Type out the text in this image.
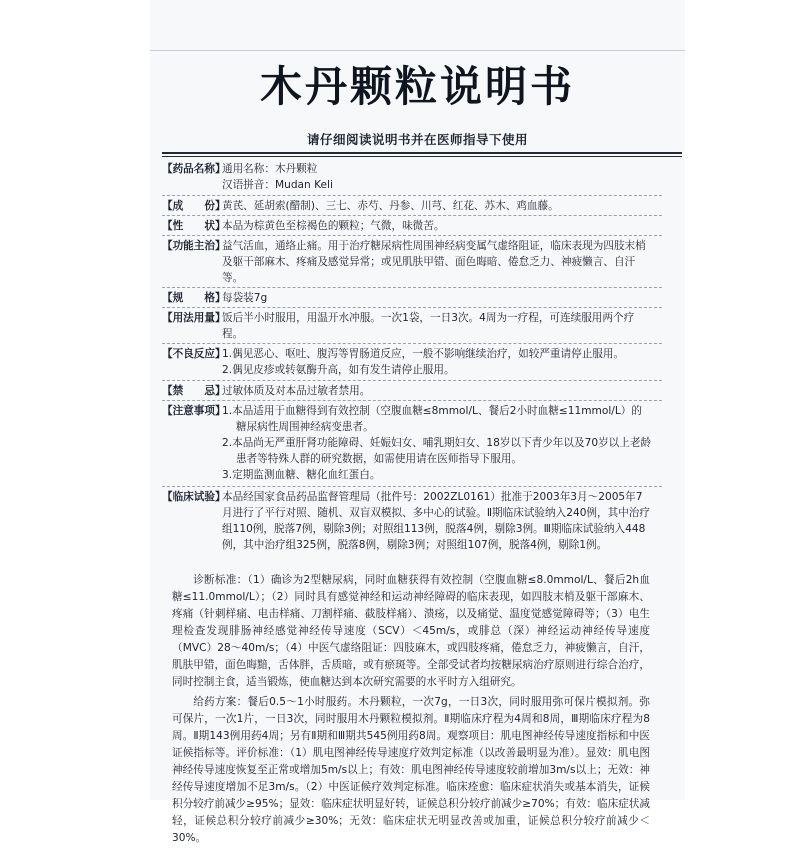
木丹颗粒说明书
请仔细阅读说明书并在医师指导下使用
【药品名称】
通用名称：木丹颗粒
汉语拼音：Mudan Keli
【成　　份】
黄芪、延胡索(醋制)、三七、赤芍、丹参、川芎、红花、苏木、鸡血藤。
【性　　状】
本品为棕黄色至棕褐色的颗粒；气微，味微苦。
【功能主治】
益气活血，通络止痛。用于治疗糖尿病性周围神经病变属气虚络阻证，临床表现为四肢末梢及躯干部麻木、疼痛及感觉异常；或见肌肤甲错、面色晦暗、倦怠乏力、神疲懒言、自汗等。
【规　　格】
每袋装7g
【用法用量】
饭后半小时服用，用温开水冲服。一次1袋，一日3次。4周为一疗程，可连续服用两个疗程。
【不良反应】
1.偶见恶心、呕吐、腹泻等胃肠道反应，一般不影响继续治疗，如较严重请停止服用。
2.偶见皮疹或转氨酶升高，如有发生请停止服用。
【禁　　忌】
过敏体质及对本品过敏者禁用。
【注意事项】
1.本品适用于血糖得到有效控制（空腹血糖≤8mmol/L、餐后2小时血糖≤11mmol/L）的糖尿病性周围神经病变患者。
2.本品尚无严重肝肾功能障碍、妊娠妇女、哺乳期妇女、18岁以下青少年以及70岁以上老龄患者等特殊人群的研究数据，如需使用请在医师指导下服用。
3.定期监测血糖、糖化血红蛋白。
【临床试验】
本品经国家食品药品监督管理局（批件号：2002ZL0161）批准于2003年3月～2005年7月进行了平行对照、随机、双盲双模拟、多中心的试验。Ⅱ期临床试验纳入240例，其中治疗组110例，脱落7例，剔除3例；对照组113例，脱落4例，剔除3例。Ⅲ期临床试验纳入448例，其中治疗组325例，脱落8例，剔除3例；对照组107例，脱落4例，剔除1例。

诊断标准：（1）确诊为2型糖尿病，同时血糖获得有效控制（空腹血糖≤8.0mmol/L、餐后2h血糖≤11.0mmol/L）；（2）同时具有感觉神经和运动神经障碍的临床表现，如四肢末梢及躯干部麻木、疼痛（针刺样痛、电击样痛、刀割样痛、截肢样痛）、溃疡，以及痛觉、温度觉感觉障碍等；（3）电生理检查发现腓肠神经感觉神经传导速度（SCV）＜45m/s，或腓总（深）神经运动神经传导速度（MVC）28～40m/s；（4）中医气虚络阻证：四肢麻木，或四肢疼痛，倦怠乏力，神疲懒言，自汗，肌肤甲错，面色晦黯，舌体胖，舌质暗，或有瘀斑等。全部受试者均按糖尿病治疗原则进行综合治疗，同时控制主食，适当锻炼，使血糖达到本次研究需要的水平时方入组研究。

给药方案：餐后0.5～1小时服药。木丹颗粒，一次7g，一日3次，同时服用弥可保片模拟剂。弥可保片，一次1片，一日3次，同时服用木丹颗粒模拟剂。Ⅱ期临床疗程为4周和8周，Ⅲ期临床疗程为8周。Ⅱ期143例用药4周；另有Ⅱ期和Ⅲ期共545例用药8周。观察项目：肌电图神经传导速度指标和中医证候指标等。评价标准：（1）肌电图神经传导速度疗效判定标准（以改善最明显为准）。显效：肌电图神经传导速度恢复至正常或增加5m/s以上；有效：肌电图神经传导速度较前增加3m/s以上；无效：神经传导速度增加不足3m/s。（2）中医证候疗效判定标准。临床痊愈：临床症状消失或基本消失，证候积分较疗前减少≥95%；显效：临床症状明显好转，证候总积分较疗前减少≥70%；有效：临床症状减轻，证候总积分较疗前减少≥30%；无效：临床症状无明显改善或加重，证候总积分较疗前减少＜30%。
